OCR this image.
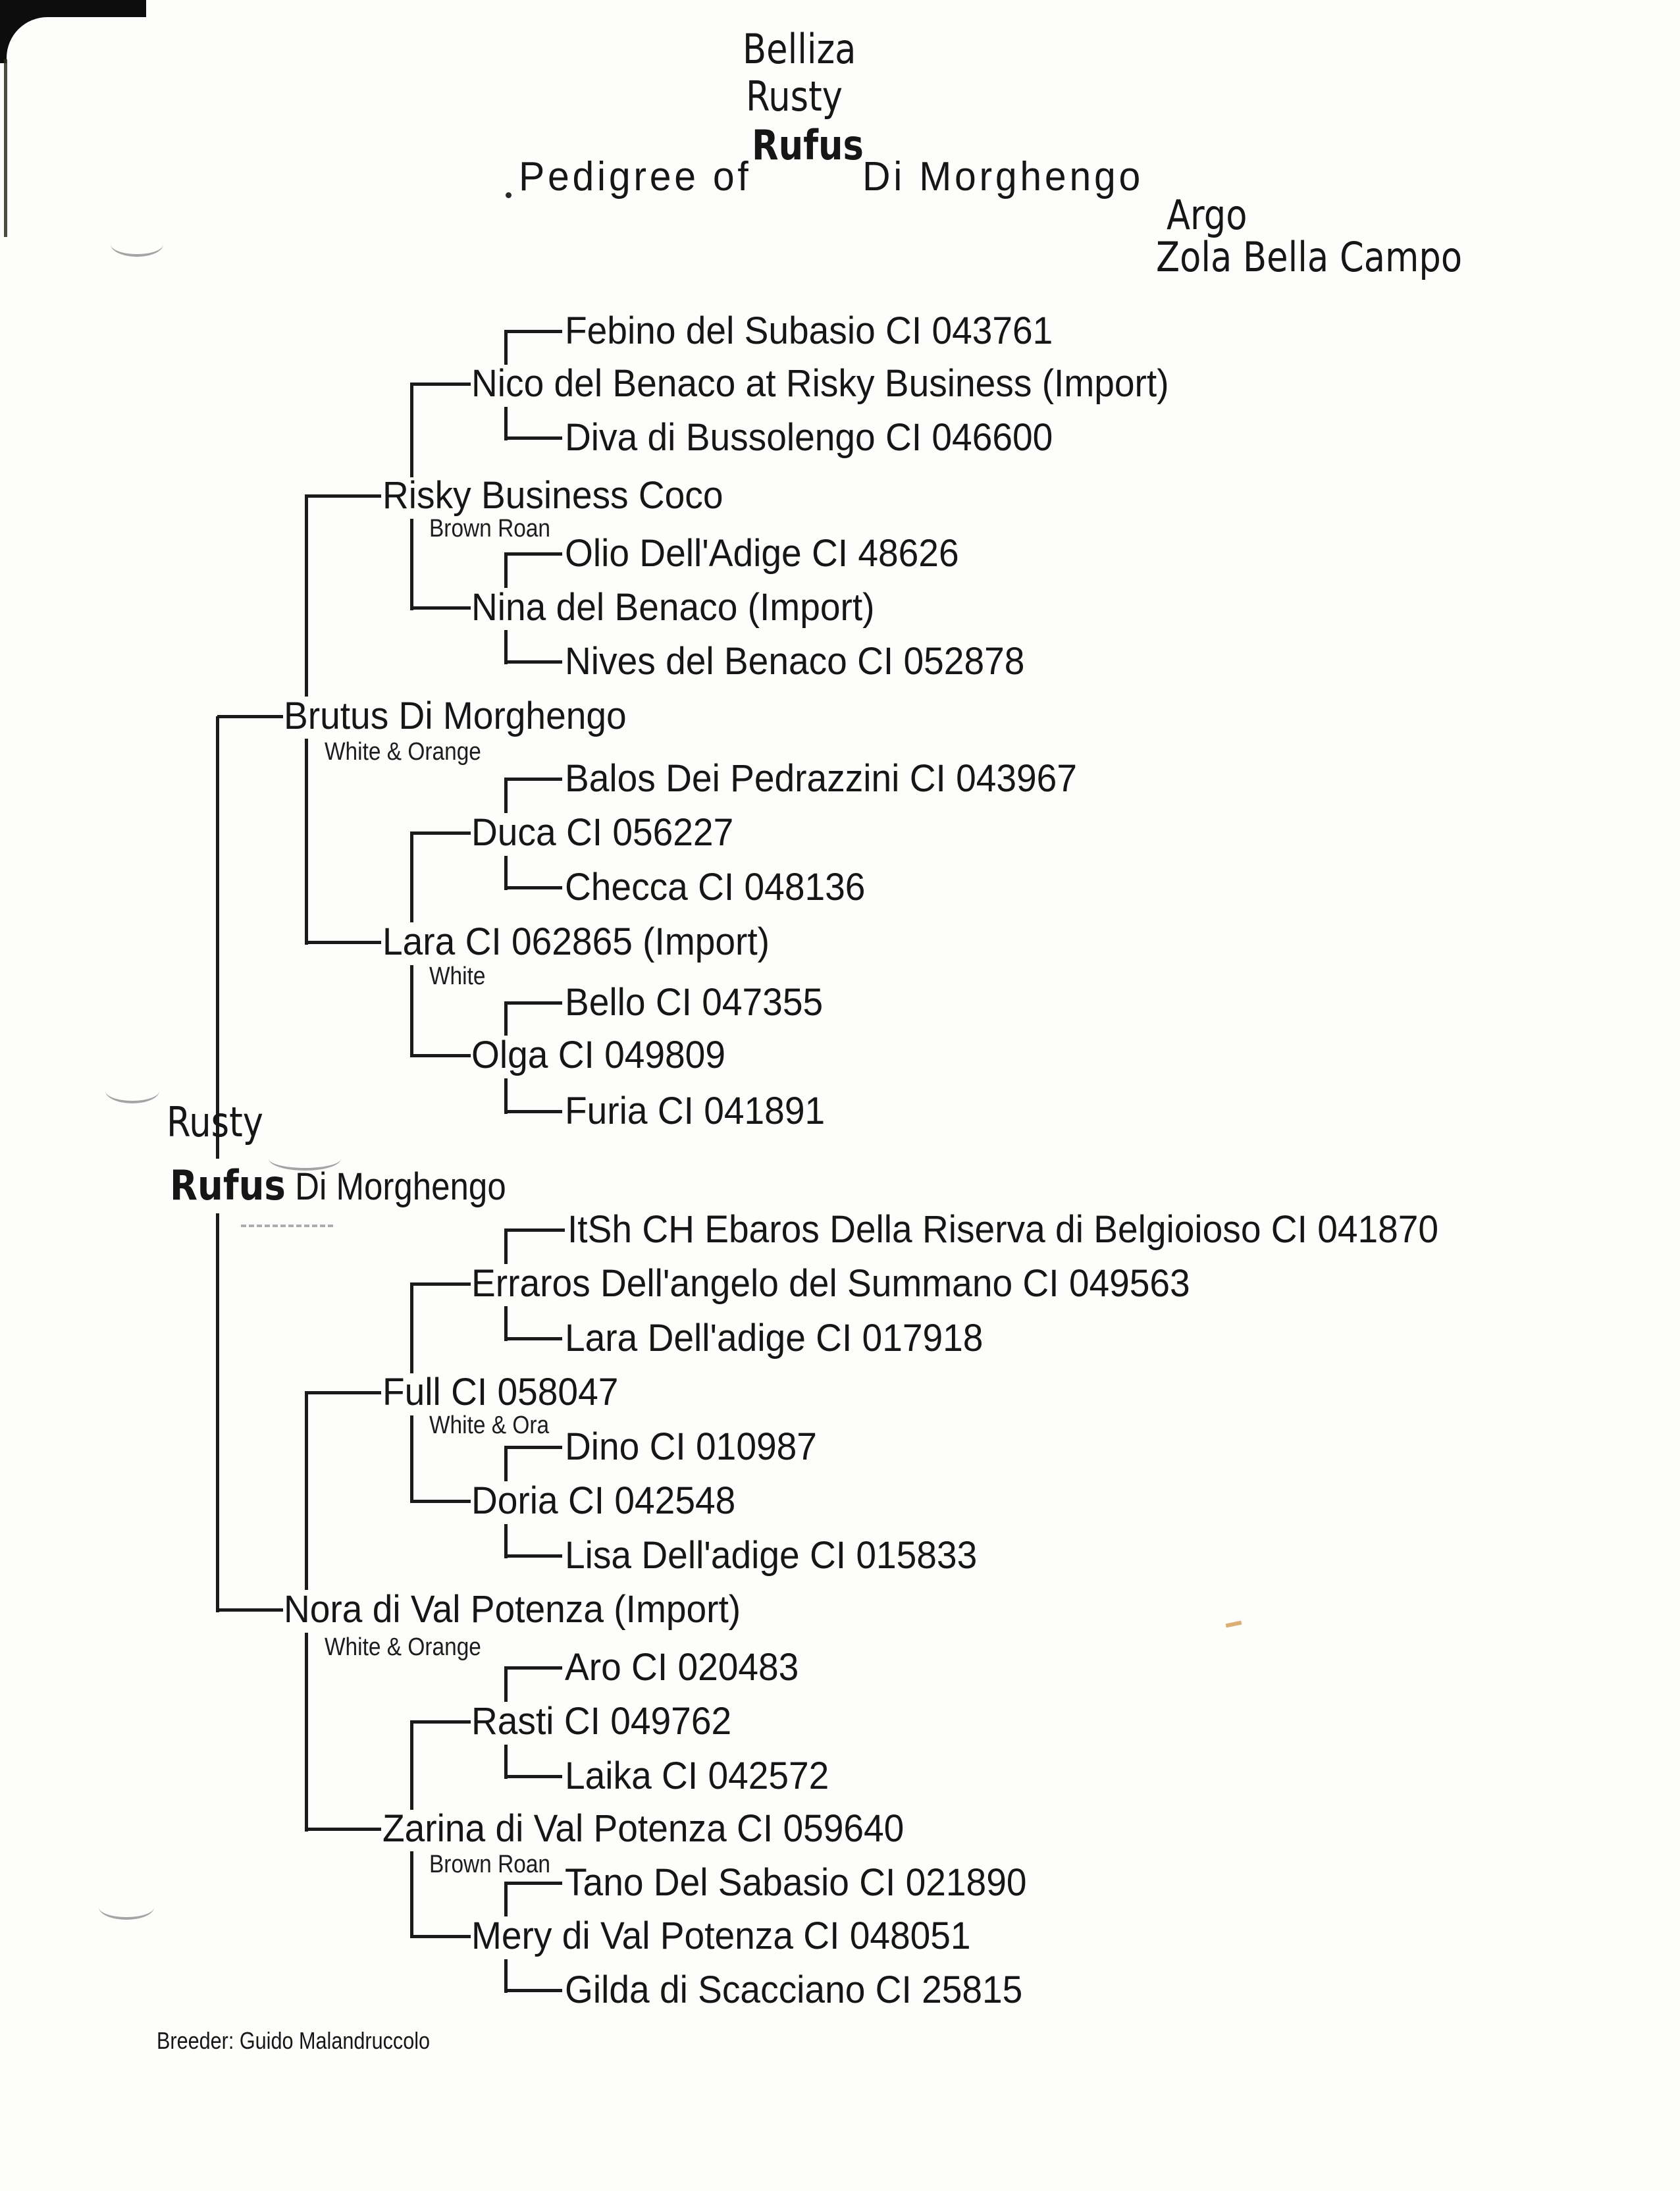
Belliza
Rusty
Rufus
Pedigree of	Di Morghengo
Argo
Zola Bella Campo
Rusty
Rufus Di Morghengo
Brutus Di Morghengo
White & Orange
Nora di Val Potenza (Import)
White & Orange
Risky Business Coco
Brown Roan
Lara CI 062865 (Import)
White
Full CI 058047
White & Ora
Zarina di Val Potenza CI 059640
Brown Roan
Nico del Benaco at Risky Business (Import)
Nina del Benaco (Import)
Duca CI 056227
Olga CI 049809
Erraros Dell'angelo del Summano CI 049563
Doria CI 042548
Rasti CI 049762
Mery di Val Potenza CI 048051
Febino del Subasio CI 043761
Diva di Bussolengo CI 046600
Olio Dell'Adige CI 48626
Nives del Benaco CI 052878
Balos Dei Pedrazzini CI 043967
Checca CI 048136
Bello CI 047355
Furia CI 041891
ItSh CH Ebaros Della Riserva di Belgioioso CI 041870
Lara Dell'adige CI 017918
Dino CI 010987
Lisa Dell'adige CI 015833
Aro CI 020483
Laika CI 042572
Tano Del Sabasio CI 021890
Gilda di Scacciano CI 25815
Breeder: Guido Malandruccolo
